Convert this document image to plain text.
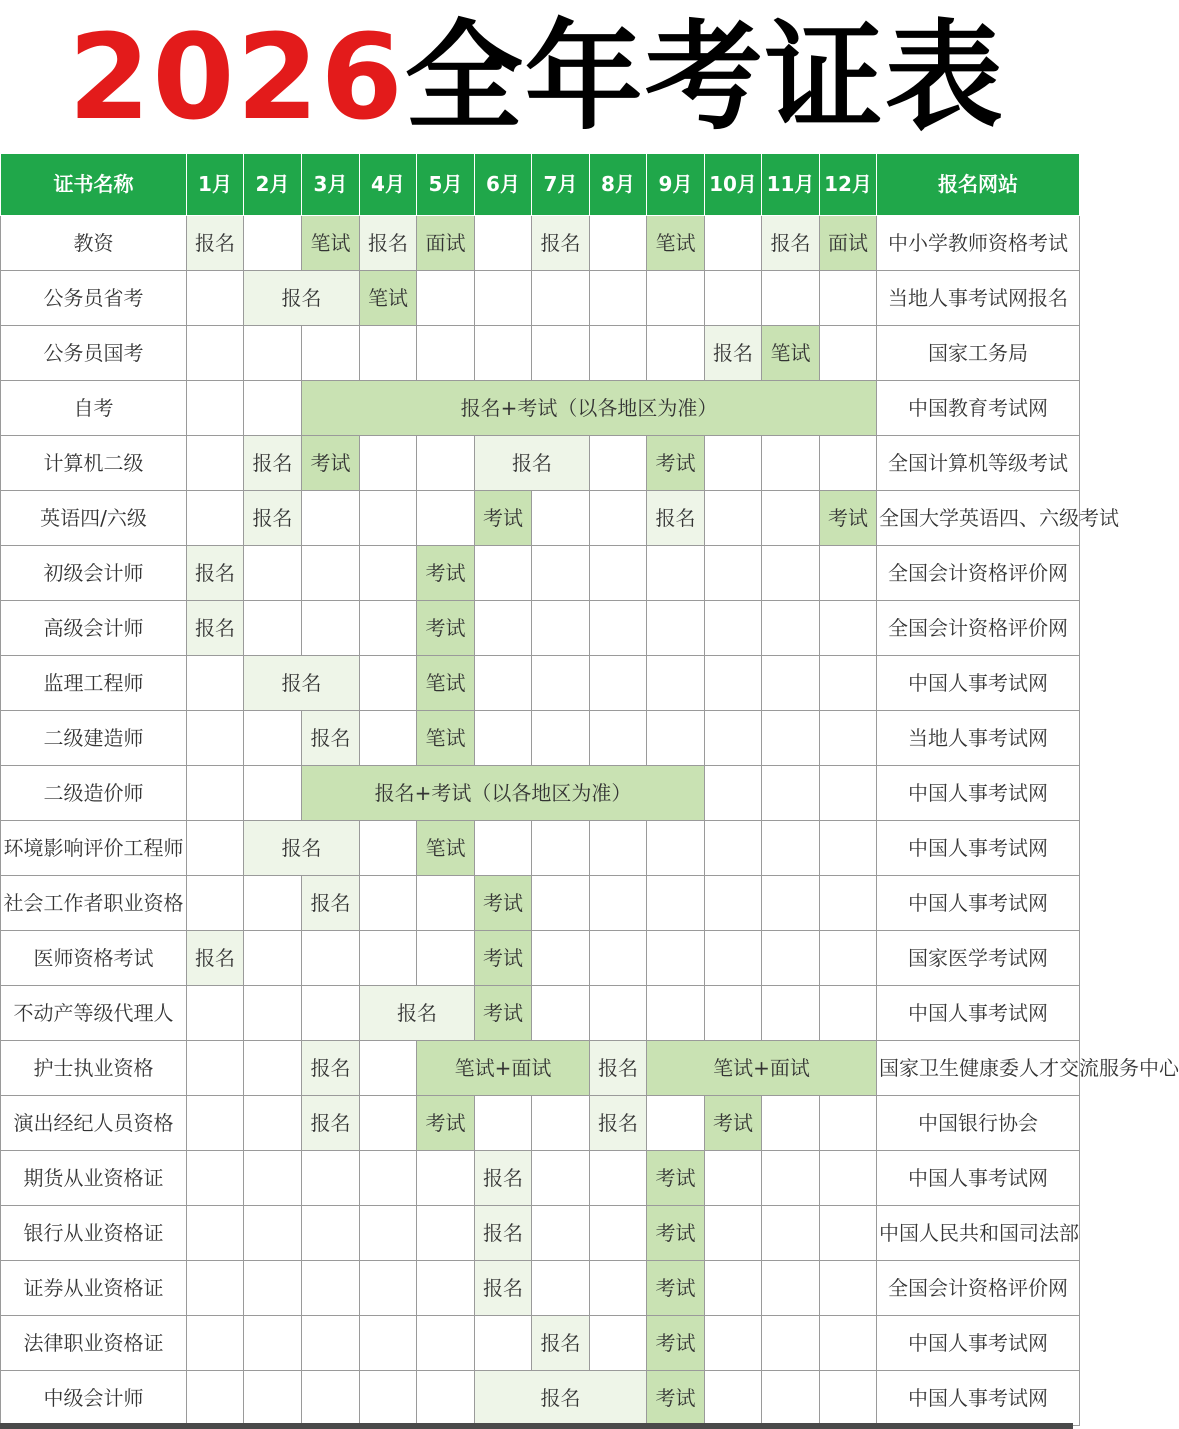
2026 全年考证表
证书名称	1月	2月	3月	4月	5月	6月	7月	8月	9月	10月	11月	12月	报名网站
教资	报名		笔试	报名	面试		报名		笔试		报名	面试	中小学教师资格考试
公务员省考		报名		笔试									当地人事考试网报名
公务员国考										报名	笔试		国家工务局
自考			报名+考试（以各地区为准）										中国教育考试网
计算机二级		报名	考试			报名			考试				全国计算机等级考试
英语四/六级		报名				考试			报名			考试	全国大学英语四、六级考试
初级会计师	报名				考试								全国会计资格评价网
高级会计师	报名				考试								全国会计资格评价网
监理工程师		报名			笔试								中国人事考试网
二级建造师			报名		笔试								当地人事考试网
二级造价师			报名+考试（以各地区为准）										中国人事考试网
环境影响评价工程师		报名			笔试								中国人事考试网
社会工作者职业资格			报名			考试							中国人事考试网
医师资格考试	报名					考试							国家医学考试网
不动产等级代理人				报名		考试							中国人事考试网
护士执业资格			报名		笔试+面试			报名	笔试+面试				国家卫生健康委人才交流服务中心
演出经纪人员资格			报名		考试			报名		考试			中国银行协会
期货从业资格证						报名			考试				中国人事考试网
银行从业资格证						报名			考试				中国人民共和国司法部
证券从业资格证						报名			考试				全国会计资格评价网
法律职业资格证							报名		考试				中国人事考试网
中级会计师						报名			考试				中国人事考试网
